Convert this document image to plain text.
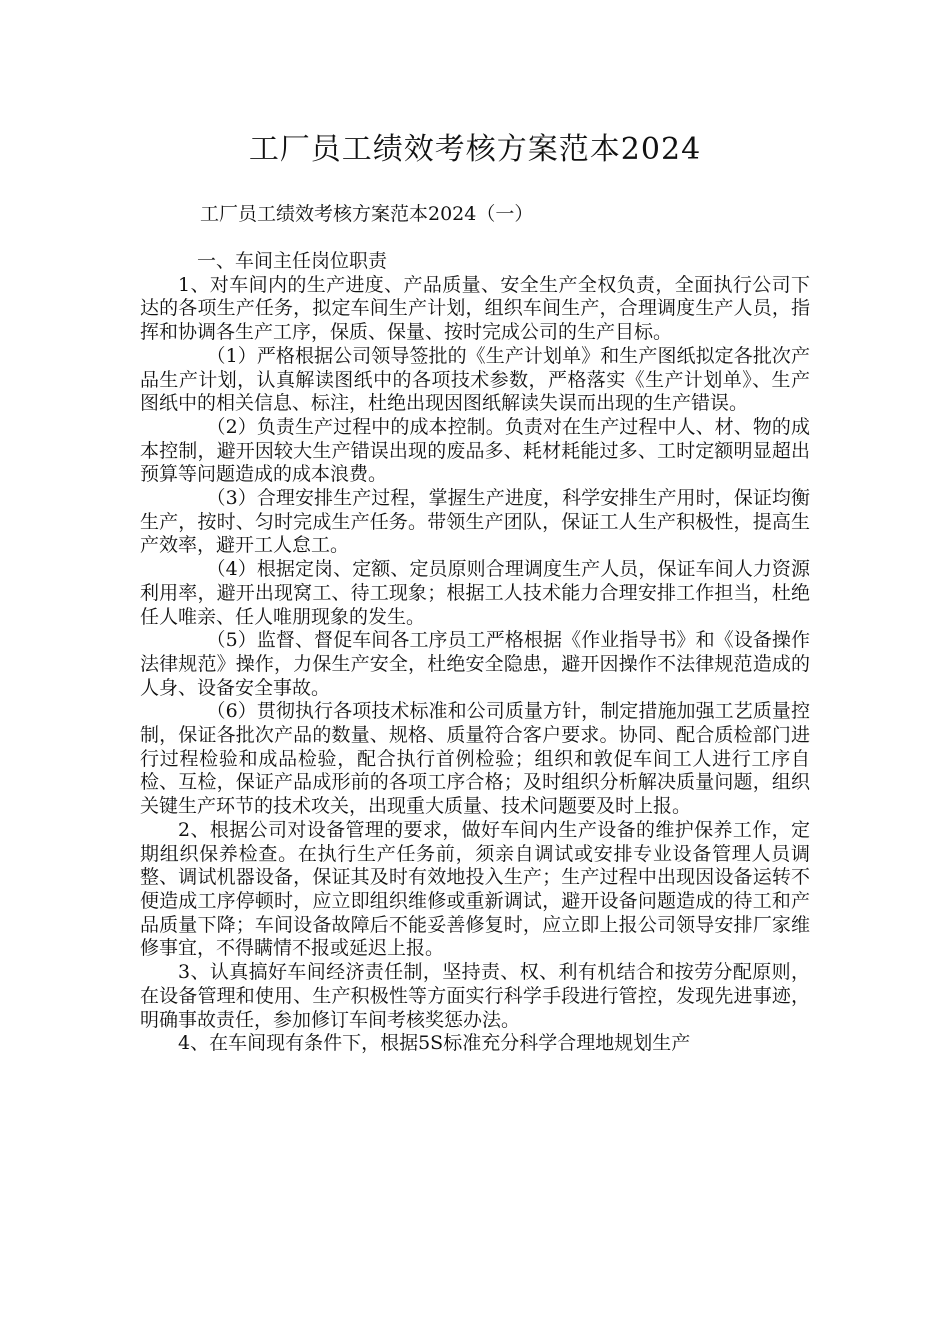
工厂员工绩效考核方案范本2024

工厂员工绩效考核方案范本2024（一）

一、车间主任岗位职责

1、对车间内的生产进度、产品质量、安全生产全权负责，全面执行公司下达的各项生产任务，拟定车间生产计划，组织车间生产，合理调度生产人员，指挥和协调各生产工序，保质、保量、按时完成公司的生产目标。

（1）严格根据公司领导签批的《生产计划单》和生产图纸拟定各批次产品生产计划，认真解读图纸中的各项技术参数，严格落实《生产计划单》、生产图纸中的相关信息、标注，杜绝出现因图纸解读失误而出现的生产错误。

（2）负责生产过程中的成本控制。负责对在生产过程中人、材、物的成本控制，避开因较大生产错误出现的废品多、耗材耗能过多、工时定额明显超出预算等问题造成的成本浪费。

（3）合理安排生产过程，掌握生产进度，科学安排生产用时，保证均衡生产，按时、匀时完成生产任务。带领生产团队，保证工人生产积极性，提高生产效率，避开工人怠工。

（4）根据定岗、定额、定员原则合理调度生产人员，保证车间人力资源利用率，避开出现窝工、待工现象；根据工人技术能力合理安排工作担当，杜绝任人唯亲、任人唯朋现象的发生。

（5）监督、督促车间各工序员工严格根据《作业指导书》和《设备操作法律规范》操作，力保生产安全，杜绝安全隐患，避开因操作不法律规范造成的人身、设备安全事故。

（6）贯彻执行各项技术标准和公司质量方针，制定措施加强工艺质量控制，保证各批次产品的数量、规格、质量符合客户要求。协同、配合质检部门进行过程检验和成品检验，配合执行首例检验；组织和敦促车间工人进行工序自检、互检，保证产品成形前的各项工序合格；及时组织分析解决质量问题，组织关键生产环节的技术攻关，出现重大质量、技术问题要及时上报。

2、根据公司对设备管理的要求，做好车间内生产设备的维护保养工作，定期组织保养检查。在执行生产任务前，须亲自调试或安排专业设备管理人员调整、调试机器设备，保证其及时有效地投入生产；生产过程中出现因设备运转不便造成工序停顿时，应立即组织维修或重新调试，避开设备问题造成的待工和产品质量下降；车间设备故障后不能妥善修复时，应立即上报公司领导安排厂家维修事宜，不得瞒情不报或延迟上报。

3、认真搞好车间经济责任制，坚持责、权、利有机结合和按劳分配原则，在设备管理和使用、生产积极性等方面实行科学手段进行管控，发现先进事迹，明确事故责任，参加修订车间考核奖惩办法。

4、在车间现有条件下，根据5S标准充分科学合理地规划生产
